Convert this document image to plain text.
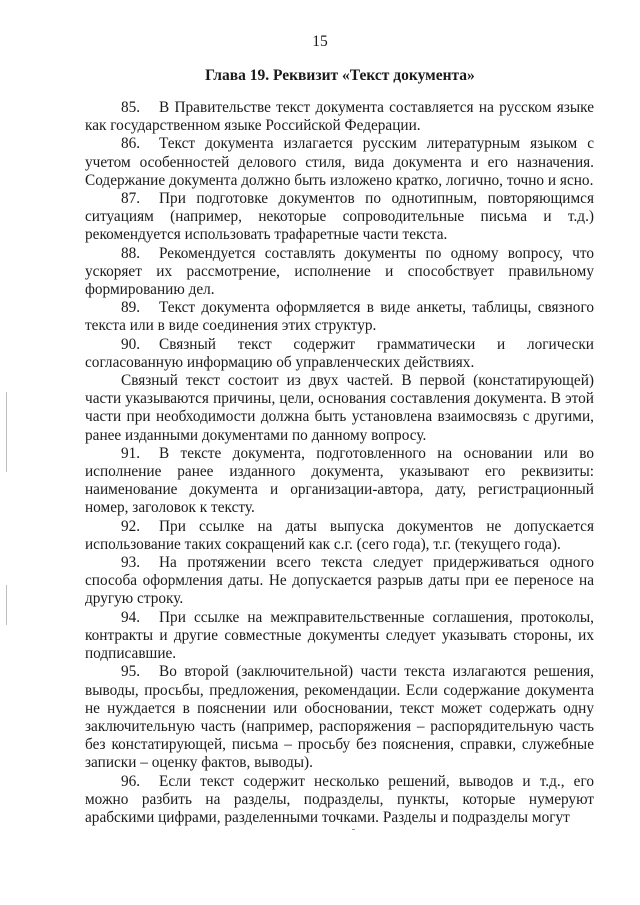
15
Глава 19. Реквизит «Текст документа»

85. В Правительстве текст документа составляется на русском языке как государственном языке Российской Федерации.

86. Текст документа излагается русским литературным языком с учетом особенностей делового стиля, вида документа и его назначения. Содержание документа должно быть изложено кратко, логично, точно и ясно.

87. При подготовке документов по однотипным, повторяющимся ситуациям (например, некоторые сопроводительные письма и т.д.) рекомендуется использовать трафаретные части текста.

88. Рекомендуется составлять документы по одному вопросу, что ускоряет их рассмотрение, исполнение и способствует правильному формированию дел.

89. Текст документа оформляется в виде анкеты, таблицы, связного текста или в виде соединения этих структур.

90. Связный текст содержит грамматически и логически согласованную информацию об управленческих действиях.

Связный текст состоит из двух частей. В первой (констатирующей) части указываются причины, цели, основания составления документа. В этой части при необходимости должна быть установлена взаимосвязь с другими, ранее изданными документами по данному вопросу.

91. В тексте документа, подготовленного на основании или во исполнение ранее изданного документа, указывают его реквизиты: наименование документа и организации-автора, дату, регистрационный номер, заголовок к тексту.

92. При ссылке на даты выпуска документов не допускается использование таких сокращений как с.г. (сего года), т.г. (текущего года).

93. На протяжении всего текста следует придерживаться одного способа оформления даты. Не допускается разрыв даты при ее переносе на другую строку.

94. При ссылке на межправительственные соглашения, протоколы, контракты и другие совместные документы следует указывать стороны, их подписавшие.

95. Во второй (заключительной) части текста излагаются решения, выводы, просьбы, предложения, рекомендации. Если содержание документа не нуждается в пояснении или обосновании, текст может содержать одну заключительную часть (например, распоряжения – распорядительную часть без констатирующей, письма – просьбу без пояснения, справки, служебные записки – оценку фактов, выводы).

96. Если текст содержит несколько решений, выводов и т.д., его можно разбить на разделы, подразделы, пункты, которые нумеруют арабскими цифрами, разделенными точками. Разделы и подразделы могут
